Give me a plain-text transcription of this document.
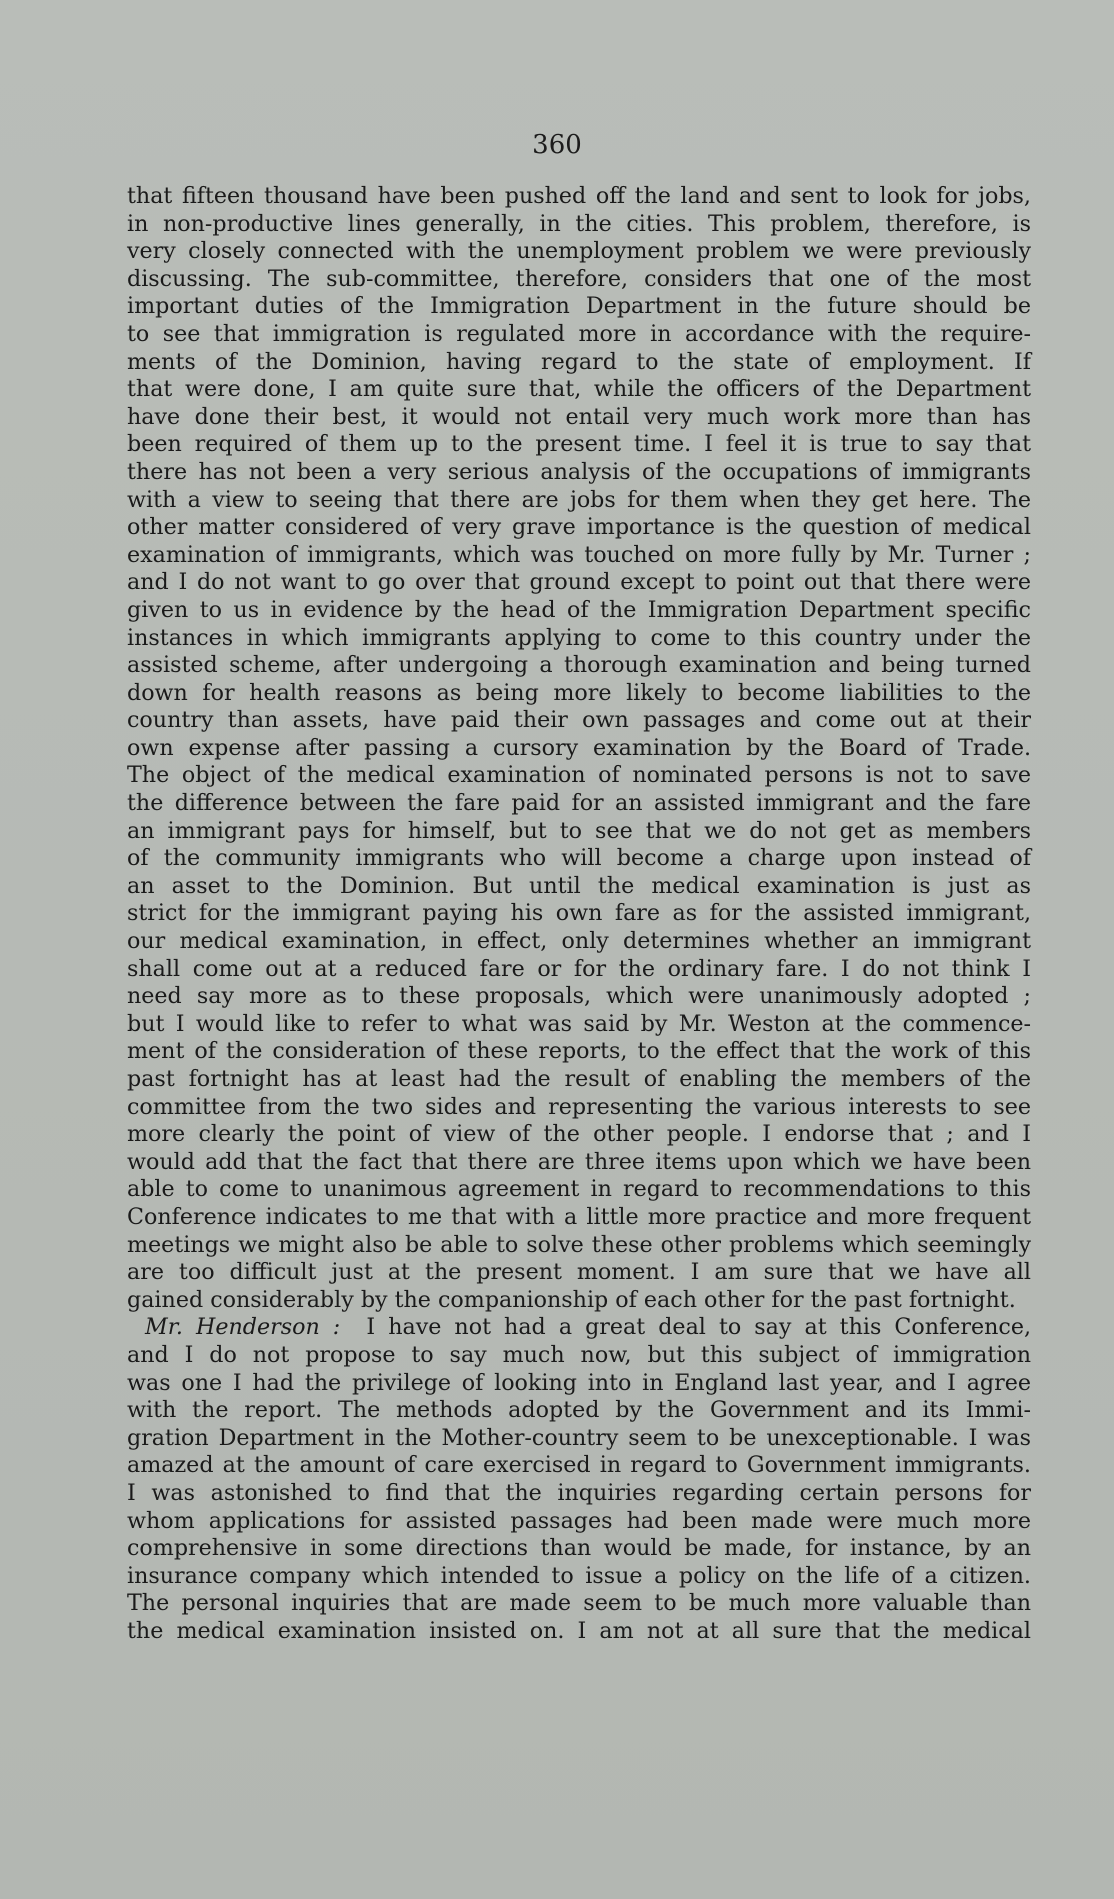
360
that fifteen thousand have been pushed off the land and sent to look for jobs,
in non-productive lines generally, in the cities. This problem, therefore, is
very closely connected with the unemployment problem we were previously
discussing. The sub-committee, therefore, considers that one of the most
important duties of the Immigration Department in the future should be
to see that immigration is regulated more in accordance with the require-
ments of the Dominion, having regard to the state of employment. If
that were done, I am quite sure that, while the officers of the Department
have done their best, it would not entail very much work more than has
been required of them up to the present time. I feel it is true to say that
there has not been a very serious analysis of the occupations of immigrants
with a view to seeing that there are jobs for them when they get here. The
other matter considered of very grave importance is the question of medical
examination of immigrants, which was touched on more fully by Mr. Turner ;
and I do not want to go over that ground except to point out that there were
given to us in evidence by the head of the Immigration Department specific
instances in which immigrants applying to come to this country under the
assisted scheme, after undergoing a thorough examination and being turned
down for health reasons as being more likely to become liabilities to the
country than assets, have paid their own passages and come out at their
own expense after passing a cursory examination by the Board of Trade.
The object of the medical examination of nominated persons is not to save
the difference between the fare paid for an assisted immigrant and the fare
an immigrant pays for himself, but to see that we do not get as members
of the community immigrants who will become a charge upon instead of
an asset to the Dominion. But until the medical examination is just as
strict for the immigrant paying his own fare as for the assisted immigrant,
our medical examination, in effect, only determines whether an immigrant
shall come out at a reduced fare or for the ordinary fare. I do not think I
need say more as to these proposals, which were unanimously adopted ;
but I would like to refer to what was said by Mr. Weston at the commence-
ment of the consideration of these reports, to the effect that the work of this
past fortnight has at least had the result of enabling the members of the
committee from the two sides and representing the various interests to see
more clearly the point of view of the other people. I endorse that ; and I
would add that the fact that there are three items upon which we have been
able to come to unanimous agreement in regard to recommendations to this
Conference indicates to me that with a little more practice and more frequent
meetings we might also be able to solve these other problems which seemingly
are too difficult just at the present moment. I am sure that we have all
gained considerably by the companionship of each other for the past fortnight.
Mr. Henderson : I have not had a great deal to say at this Conference,
and I do not propose to say much now, but this subject of immigration
was one I had the privilege of looking into in England last year, and I agree
with the report. The methods adopted by the Government and its Immi-
gration Department in the Mother-country seem to be unexceptionable. I was
amazed at the amount of care exercised in regard to Government immigrants.
I was astonished to find that the inquiries regarding certain persons for
whom applications for assisted passages had been made were much more
comprehensive in some directions than would be made, for instance, by an
insurance company which intended to issue a policy on the life of a citizen.
The personal inquiries that are made seem to be much more valuable than
the medical examination insisted on. I am not at all sure that the medical
